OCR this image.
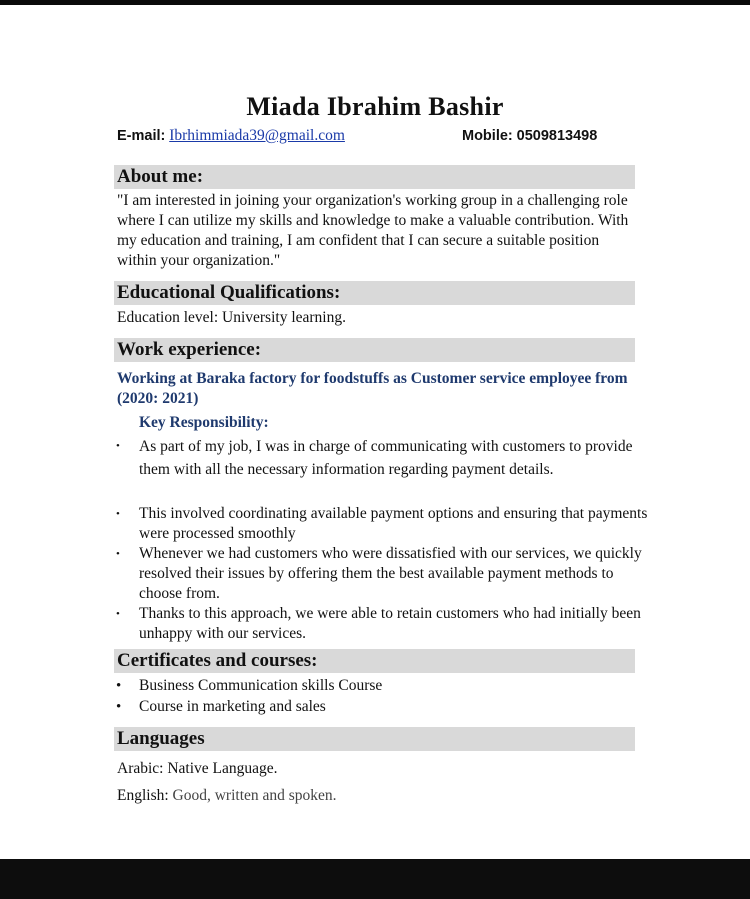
Miada Ibrahim Bashir
E-mail: Ibrhimmiada39@gmail.com	Mobile: 0509813498
About me:
"I am interested in joining your organization's working group in a challenging role where I can utilize my skills and knowledge to make a valuable contribution. With my education and training, I am confident that I can secure a suitable position within your organization."
Educational Qualifications:
Education level: University learning.
Work experience:
Working at Baraka factory for foodstuffs as Customer service employee from (2020: 2021)
Key Responsibility:
• As part of my job, I was in charge of communicating with customers to provide them with all the necessary information regarding payment details.
• This involved coordinating available payment options and ensuring that payments were processed smoothly
• Whenever we had customers who were dissatisfied with our services, we quickly resolved their issues by offering them the best available payment methods to choose from.
• Thanks to this approach, we were able to retain customers who had initially been unhappy with our services.
Certificates and courses:
• Business Communication skills Course
• Course in marketing and sales
Languages
Arabic: Native Language.
English: Good, written and spoken.
